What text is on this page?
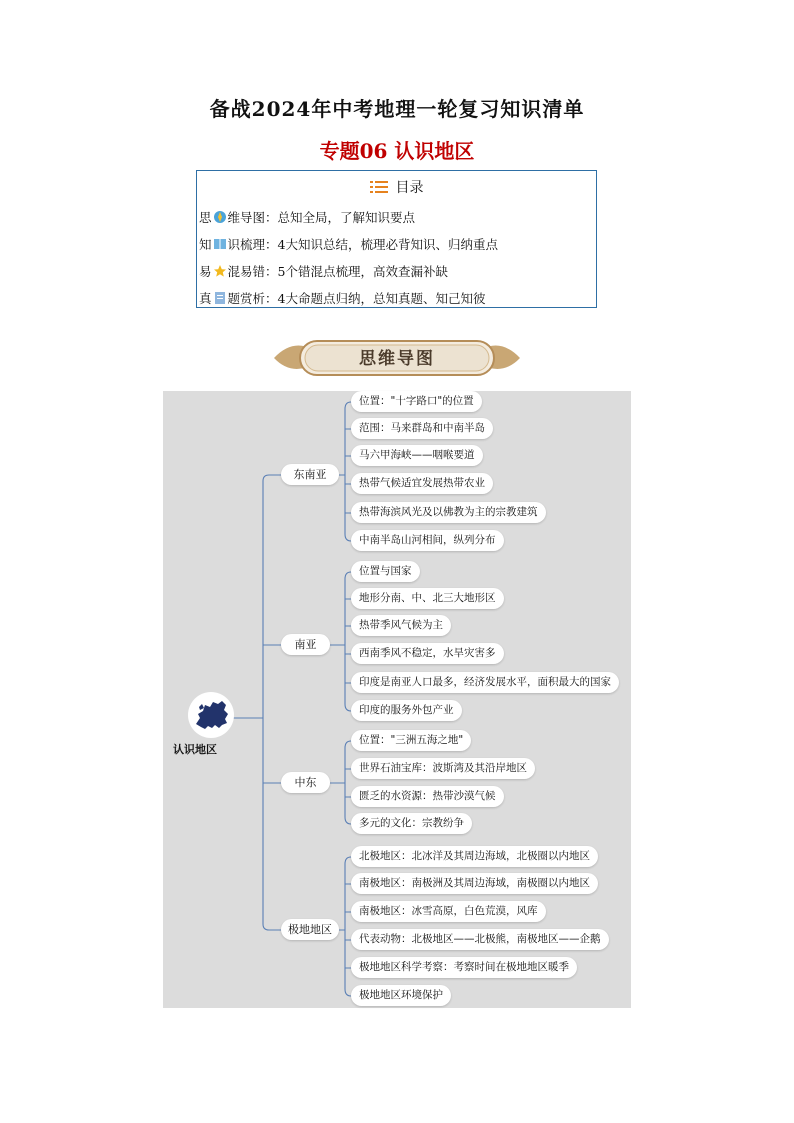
备战2024年中考地理一轮复习知识清单
专题06 认识地区
目录
思 维导图：总知全局，了解知识要点
知 识梳理：4大知识总结，梳理必背知识、归纳重点
易 混易错：5个错混点梳理，高效查漏补缺
真 题赏析：4大命题点归纳，总知真题、知己知彼
思维导图
认识地区
东南亚
南亚
中东
极地地区
位置："十字路口"的位置
范围：马来群岛和中南半岛
马六甲海峡——咽喉要道
热带气候适宜发展热带农业
热带海滨风光及以佛教为主的宗教建筑
中南半岛山河相间，纵列分布
位置与国家
地形分南、中、北三大地形区
热带季风气候为主
西南季风不稳定，水旱灾害多
印度是南亚人口最多，经济发展水平，面积最大的国家
印度的服务外包产业
位置："三洲五海之地"
世界石油宝库：波斯湾及其沿岸地区
匮乏的水资源：热带沙漠气候
多元的文化：宗教纷争
北极地区：北冰洋及其周边海域，北极圈以内地区
南极地区：南极洲及其周边海域，南极圈以内地区
南极地区：冰雪高原，白色荒漠，风库
代表动物：北极地区——北极熊，南极地区——企鹅
极地地区科学考察：考察时间在极地地区暖季
极地地区环境保护
